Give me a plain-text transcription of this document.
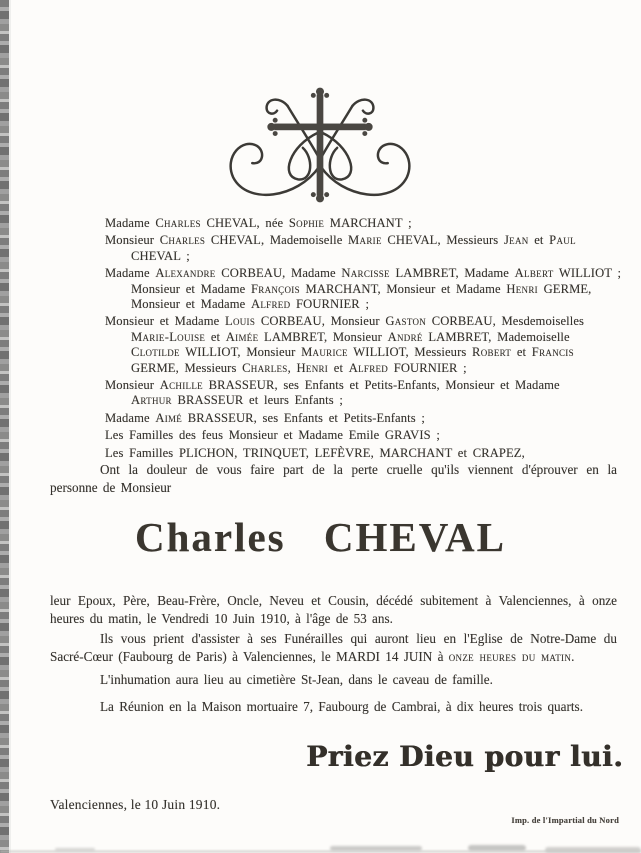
Madame Charles CHEVAL, née Sophie MARCHANT ;

Monsieur Charles CHEVAL, Mademoiselle Marie CHEVAL, Messieurs Jean et Paul

CHEVAL ;

Madame Alexandre CORBEAU, Madame Narcisse LAMBRET, Madame Albert WILLIOT ;

Monsieur et Madame François MARCHANT, Monsieur et Madame Henri GERME,

Monsieur et Madame Alfred FOURNIER ;

Monsieur et Madame Louis CORBEAU, Monsieur Gaston CORBEAU, Mesdemoiselles

Marie-Louise et Aimée LAMBRET, Monsieur André LAMBRET, Mademoiselle

Clotilde WILLIOT, Monsieur Maurice WILLIOT, Messieurs Robert et Francis

GERME, Messieurs Charles, Henri et Alfred FOURNIER ;

Monsieur Achille BRASSEUR, ses Enfants et Petits-Enfants, Monsieur et Madame

Arthur BRASSEUR et leurs Enfants ;

Madame Aimé BRASSEUR, ses Enfants et Petits-Enfants ;

Les Familles des feus Monsieur et Madame Emile GRAVIS ;

Les Familles PLICHON, TRINQUET, LEFÈVRE, MARCHANT et CRAPEZ,

Ont la douleur de vous faire part de la perte cruelle qu'ils viennent d'éprouver en la personne de Monsieur

Charles CHEVAL

leur Epoux, Père, Beau-Frère, Oncle, Neveu et Cousin, décédé subitement à Valenciennes, à onze heures du matin, le Vendredi 10 Juin 1910, à l'âge de 53 ans.

Ils vous prient d'assister à ses Funérailles qui auront lieu en l'Eglise de Notre-Dame du Sacré-Cœur (Faubourg de Paris) à Valenciennes, le MARDI 14 JUIN à onze heures du matin.

L'inhumation aura lieu au cimetière St-Jean, dans le caveau de famille.

La Réunion en la Maison mortuaire 7, Faubourg de Cambrai, à dix heures trois quarts.

Priez Dieu pour lui.

Valenciennes, le 10 Juin 1910.

Imp. de l'Impartial du Nord
